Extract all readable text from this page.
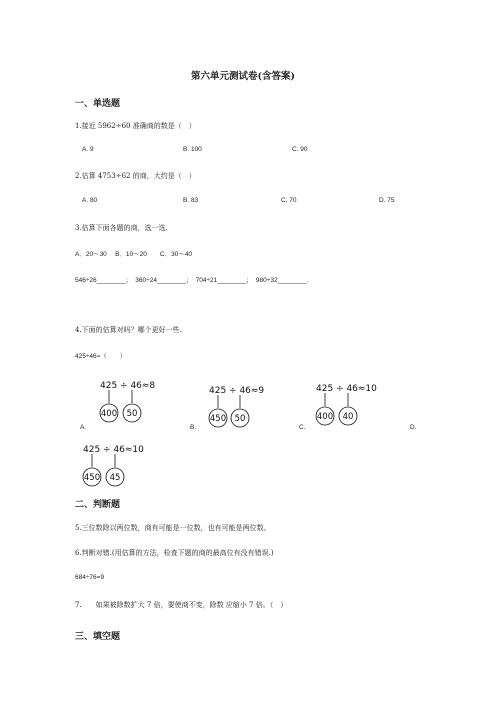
第六单元测试卷(含答案)
一、单选题
1.接近 5962÷60 准确商的数是（　）
A. 9	B. 100	C. 90
2.估算 4753÷62 的商，大约是（　）
A. 80	B. 83	C. 70	D. 75
3.估算下面各题的商，选一选.
A．20～30　 B．10～20　　C．30～40
546÷26________；　360÷24________；　704÷21________；　980÷32________．
4.下面的估算对吗？哪个更好一些.
425÷46≈（　　）
425 ÷ 46≈8
400 50
425 ÷ 46≈9
450 50
425 ÷ 46≈10
400 40
A.	B.	C.	D.
425 ÷ 46≈10
450 45
二、判断题
5.三位数除以两位数，商有可能是一位数，也有可能是两位数。
6.判断对错.(用估算的方法，检查下题的商的最高位有没有错误.)
684÷76=9
7.　　如果被除数扩大 7 倍，要使商不变，除数 应缩小 7 倍。（　）
三、填空题
